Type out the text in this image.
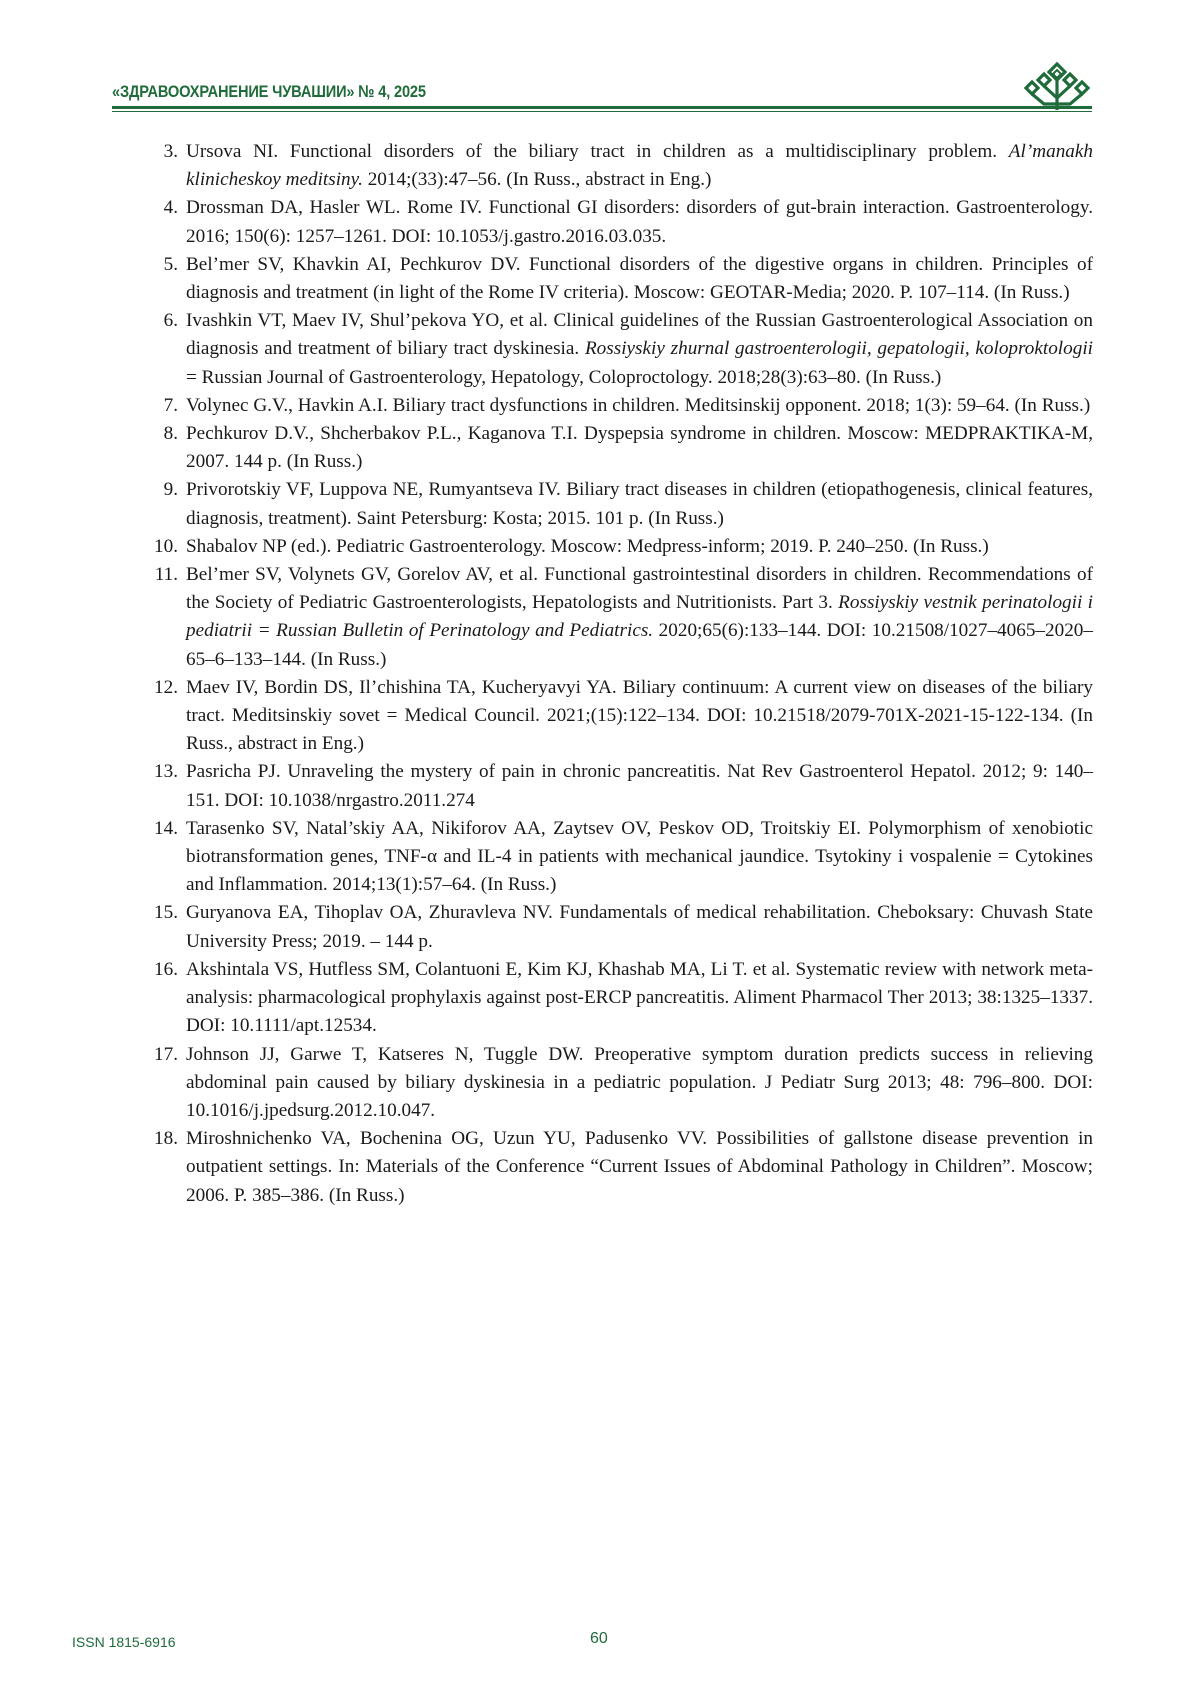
«ЗДРАВООХРАНЕНИЕ ЧУВАШИИ» № 4, 2025
3. Ursova NI. Functional disorders of the biliary tract in children as a multidisciplinary problem. Al’manakh klinicheskoy meditsiny. 2014;(33):47–56. (In Russ., abstract in Eng.)
4. Drossman DA, Hasler WL. Rome IV. Functional GI disorders: disorders of gut-brain interaction. Gastroenterology. 2016; 150(6): 1257–1261. DOI: 10.1053/j.gastro.2016.03.035.
5. Bel’mer SV, Khavkin AI, Pechkurov DV. Functional disorders of the digestive organs in children. Principles of diagnosis and treatment (in light of the Rome IV criteria). Moscow: GEOTAR-Media; 2020. P. 107–114. (In Russ.)
6. Ivashkin VT, Maev IV, Shul’pekova YO, et al. Clinical guidelines of the Russian Gastroenterological Association on diagnosis and treatment of biliary tract dyskinesia. Rossiyskiy zhurnal gastroenterologii, gepatologii, koloproktologii = Russian Journal of Gastroenterology, Hepatology, Coloproctology. 2018;28(3):63–80. (In Russ.)
7. Volynec G.V., Havkin A.I. Biliary tract dysfunctions in children. Meditsinskij opponent. 2018; 1(3): 59–64. (In Russ.)
8. Pechkurov D.V., Shcherbakov P.L., Kaganova T.I. Dyspepsia syndrome in children. Moscow: MEDPRAKTIKA-M, 2007. 144 p. (In Russ.)
9. Privorotskiy VF, Luppova NE, Rumyantseva IV. Biliary tract diseases in children (etiopathogenesis, clinical features, diagnosis, treatment). Saint Petersburg: Kosta; 2015. 101 p. (In Russ.)
10. Shabalov NP (ed.). Pediatric Gastroenterology. Moscow: Medpress-inform; 2019. P. 240–250. (In Russ.)
11. Bel’mer SV, Volynets GV, Gorelov AV, et al. Functional gastrointestinal disorders in children. Recommendations of the Society of Pediatric Gastroenterologists, Hepatologists and Nutritionists. Part 3. Rossiyskiy vestnik perinatologii i pediatrii = Russian Bulletin of Perinatology and Pediatrics. 2020;65(6):133–144. DOI: 10.21508/1027–4065–2020–65–6–133–144. (In Russ.)
12. Maev IV, Bordin DS, Il’chishina TA, Kucheryavyi YA. Biliary continuum: A current view on diseases of the biliary tract. Meditsinskiy sovet = Medical Council. 2021;(15):122–134. DOI: 10.21518/2079-701X-2021-15-122-134. (In Russ., abstract in Eng.)
13. Pasricha PJ. Unraveling the mystery of pain in chronic pancreatitis. Nat Rev Gastroenterol Hepatol. 2012; 9: 140–151. DOI: 10.1038/nrgastro.2011.274
14. Tarasenko SV, Natal’skiy AA, Nikiforov AA, Zaytsev OV, Peskov OD, Troitskiy EI. Polymorphism of xenobiotic biotransformation genes, TNF-α and IL-4 in patients with mechanical jaundice. Tsytokiny i vospalenie = Cytokines and Inflammation. 2014;13(1):57–64. (In Russ.)
15. Guryanova EA, Tihoplav OA, Zhuravleva NV. Fundamentals of medical rehabilitation. Cheboksary: Chuvash State University Press; 2019. – 144 p.
16. Akshintala VS, Hutfless SM, Colantuoni E, Kim KJ, Khashab MA, Li T. et al. Systematic review with network meta-analysis: pharmacological prophylaxis against post-ERCP pancreatitis. Aliment Pharmacol Ther 2013; 38:1325–1337. DOI: 10.1111/apt.12534.
17. Johnson JJ, Garwe T, Katseres N, Tuggle DW. Preoperative symptom duration predicts success in relieving abdominal pain caused by biliary dyskinesia in a pediatric population. J Pediatr Surg 2013; 48: 796–800. DOI: 10.1016/j.jpedsurg.2012.10.047.
18. Miroshnichenko VA, Bochenina OG, Uzun YU, Padusenko VV. Possibilities of gallstone disease prevention in outpatient settings. In: Materials of the Conference “Current Issues of Abdominal Pathology in Children”. Moscow; 2006. P. 385–386. (In Russ.)
ISSN 1815-6916	60
